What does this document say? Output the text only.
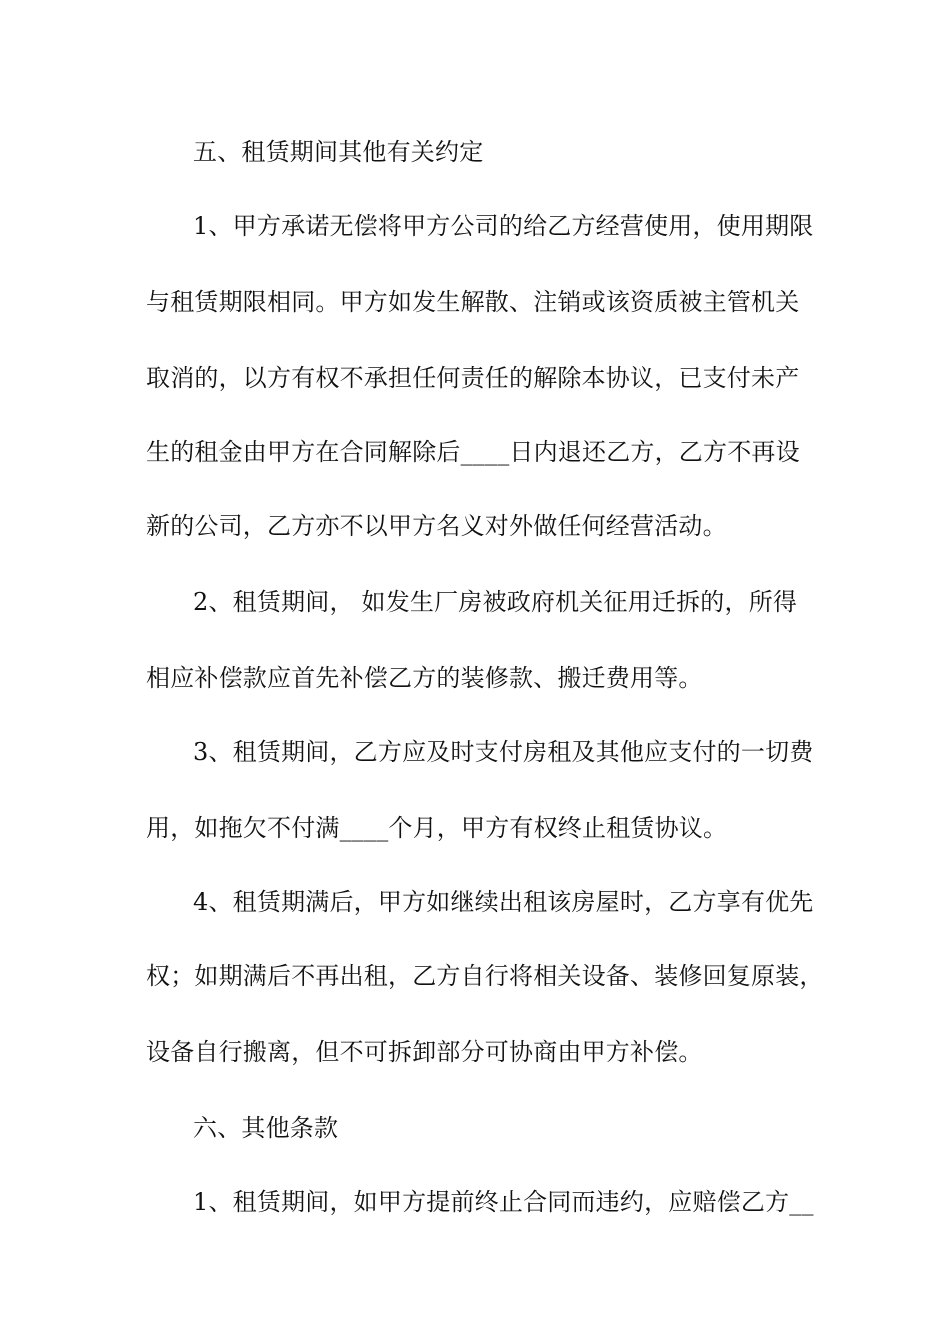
五、租赁期间其他有关约定
1、甲方承诺无偿将甲方公司的给乙方经营使用，使用期限
与租赁期限相同。甲方如发生解散、注销或该资质被主管机关
取消的，以方有权不承担任何责任的解除本协议，已支付未产
生的租金由甲方在合同解除后____日内退还乙方，乙方不再设
新的公司，乙方亦不以甲方名义对外做任何经营活动。
2、租赁期间， 如发生厂房被政府机关征用迁拆的，所得
相应补偿款应首先补偿乙方的装修款、搬迁费用等。
3、租赁期间，乙方应及时支付房租及其他应支付的一切费
用，如拖欠不付满____个月，甲方有权终止租赁协议。
4、租赁期满后，甲方如继续出租该房屋时，乙方享有优先
权；如期满后不再出租，乙方自行将相关设备、装修回复原装，
设备自行搬离，但不可拆卸部分可协商由甲方补偿。
六、其他条款
1、租赁期间，如甲方提前终止合同而违约，应赔偿乙方__
